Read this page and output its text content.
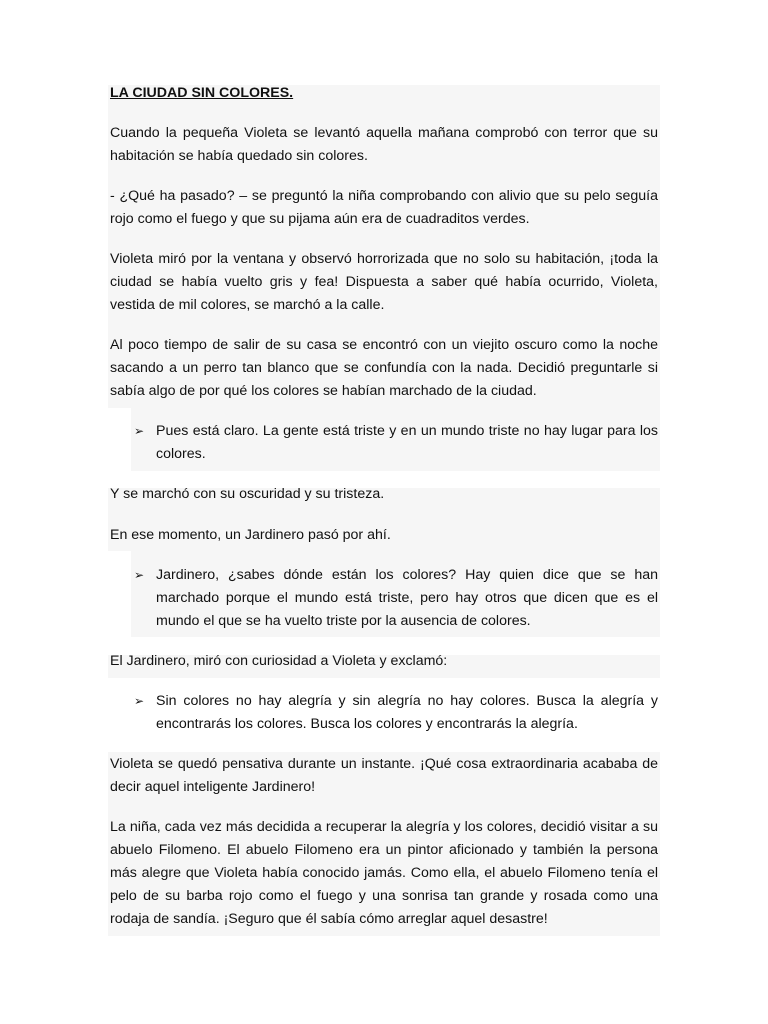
LA CIUDAD SIN COLORES.

Cuando la pequeña Violeta se levantó aquella mañana comprobó con terror que su habitación se había quedado sin colores.

- ¿Qué ha pasado? – se preguntó la niña comprobando con alivio que su pelo seguía rojo como el fuego y que su pijama aún era de cuadraditos verdes.

Violeta miró por la ventana y observó horrorizada que no solo su habitación, ¡toda la ciudad se había vuelto gris y fea! Dispuesta a saber qué había ocurrido, Violeta, vestida de mil colores, se marchó a la calle.

Al poco tiempo de salir de su casa se encontró con un viejito oscuro como la noche sacando a un perro tan blanco que se confundía con la nada. Decidió preguntarle si sabía algo de por qué los colores se habían marchado de la ciudad.

➢ Pues está claro. La gente está triste y en un mundo triste no hay lugar para los colores.

Y se marchó con su oscuridad y su tristeza.

En ese momento, un Jardinero pasó por ahí.

➢ Jardinero, ¿sabes dónde están los colores? Hay quien dice que se han marchado porque el mundo está triste, pero hay otros que dicen que es el mundo el que se ha vuelto triste por la ausencia de colores.

El Jardinero, miró con curiosidad a Violeta y exclamó:

➢ Sin colores no hay alegría y sin alegría no hay colores. Busca la alegría y encontrarás los colores. Busca los colores y encontrarás la alegría.

Violeta se quedó pensativa durante un instante. ¡Qué cosa extraordinaria acababa de decir aquel inteligente Jardinero!

La niña, cada vez más decidida a recuperar la alegría y los colores, decidió visitar a su abuelo Filomeno. El abuelo Filomeno era un pintor aficionado y también la persona más alegre que Violeta había conocido jamás. Como ella, el abuelo Filomeno tenía el pelo de su barba rojo como el fuego y una sonrisa tan grande y rosada como una rodaja de sandía. ¡Seguro que él sabía cómo arreglar aquel desastre!
